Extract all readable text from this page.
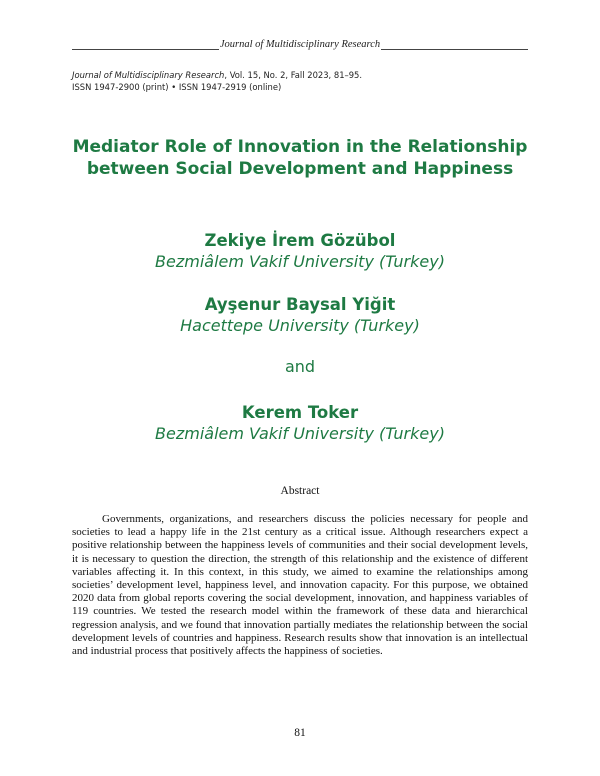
Journal of Multidisciplinary Research
Journal of Multidisciplinary Research, Vol. 15, No. 2, Fall 2023, 81–95.
ISSN 1947-2900 (print) • ISSN 1947-2919 (online)
Mediator Role of Innovation in the Relationship
between Social Development and Happiness
Zekiye İrem Gözübol
Bezmiâlem Vakif University (Turkey)
Ayşenur Baysal Yiğit
Hacettepe University (Turkey)
and
Kerem Toker
Bezmiâlem Vakif University (Turkey)
Abstract
Governments, organizations, and researchers discuss the policies necessary for people and societies to lead a happy life in the 21st century as a critical issue. Although researchers expect a positive relationship between the happiness levels of communities and their social development levels, it is necessary to question the direction, the strength of this relationship and the existence of different variables affecting it. In this context, in this study, we aimed to examine the relationships among societies’ development level, happiness level, and innovation capacity. For this purpose, we obtained 2020 data from global reports covering the social development, innovation, and happiness variables of 119 countries. We tested the research model within the framework of these data and hierarchical regression analysis, and we found that innovation partially mediates the relationship between the social development levels of countries and happiness. Research results show that innovation is an intellectual and industrial process that positively affects the happiness of societies.
81
